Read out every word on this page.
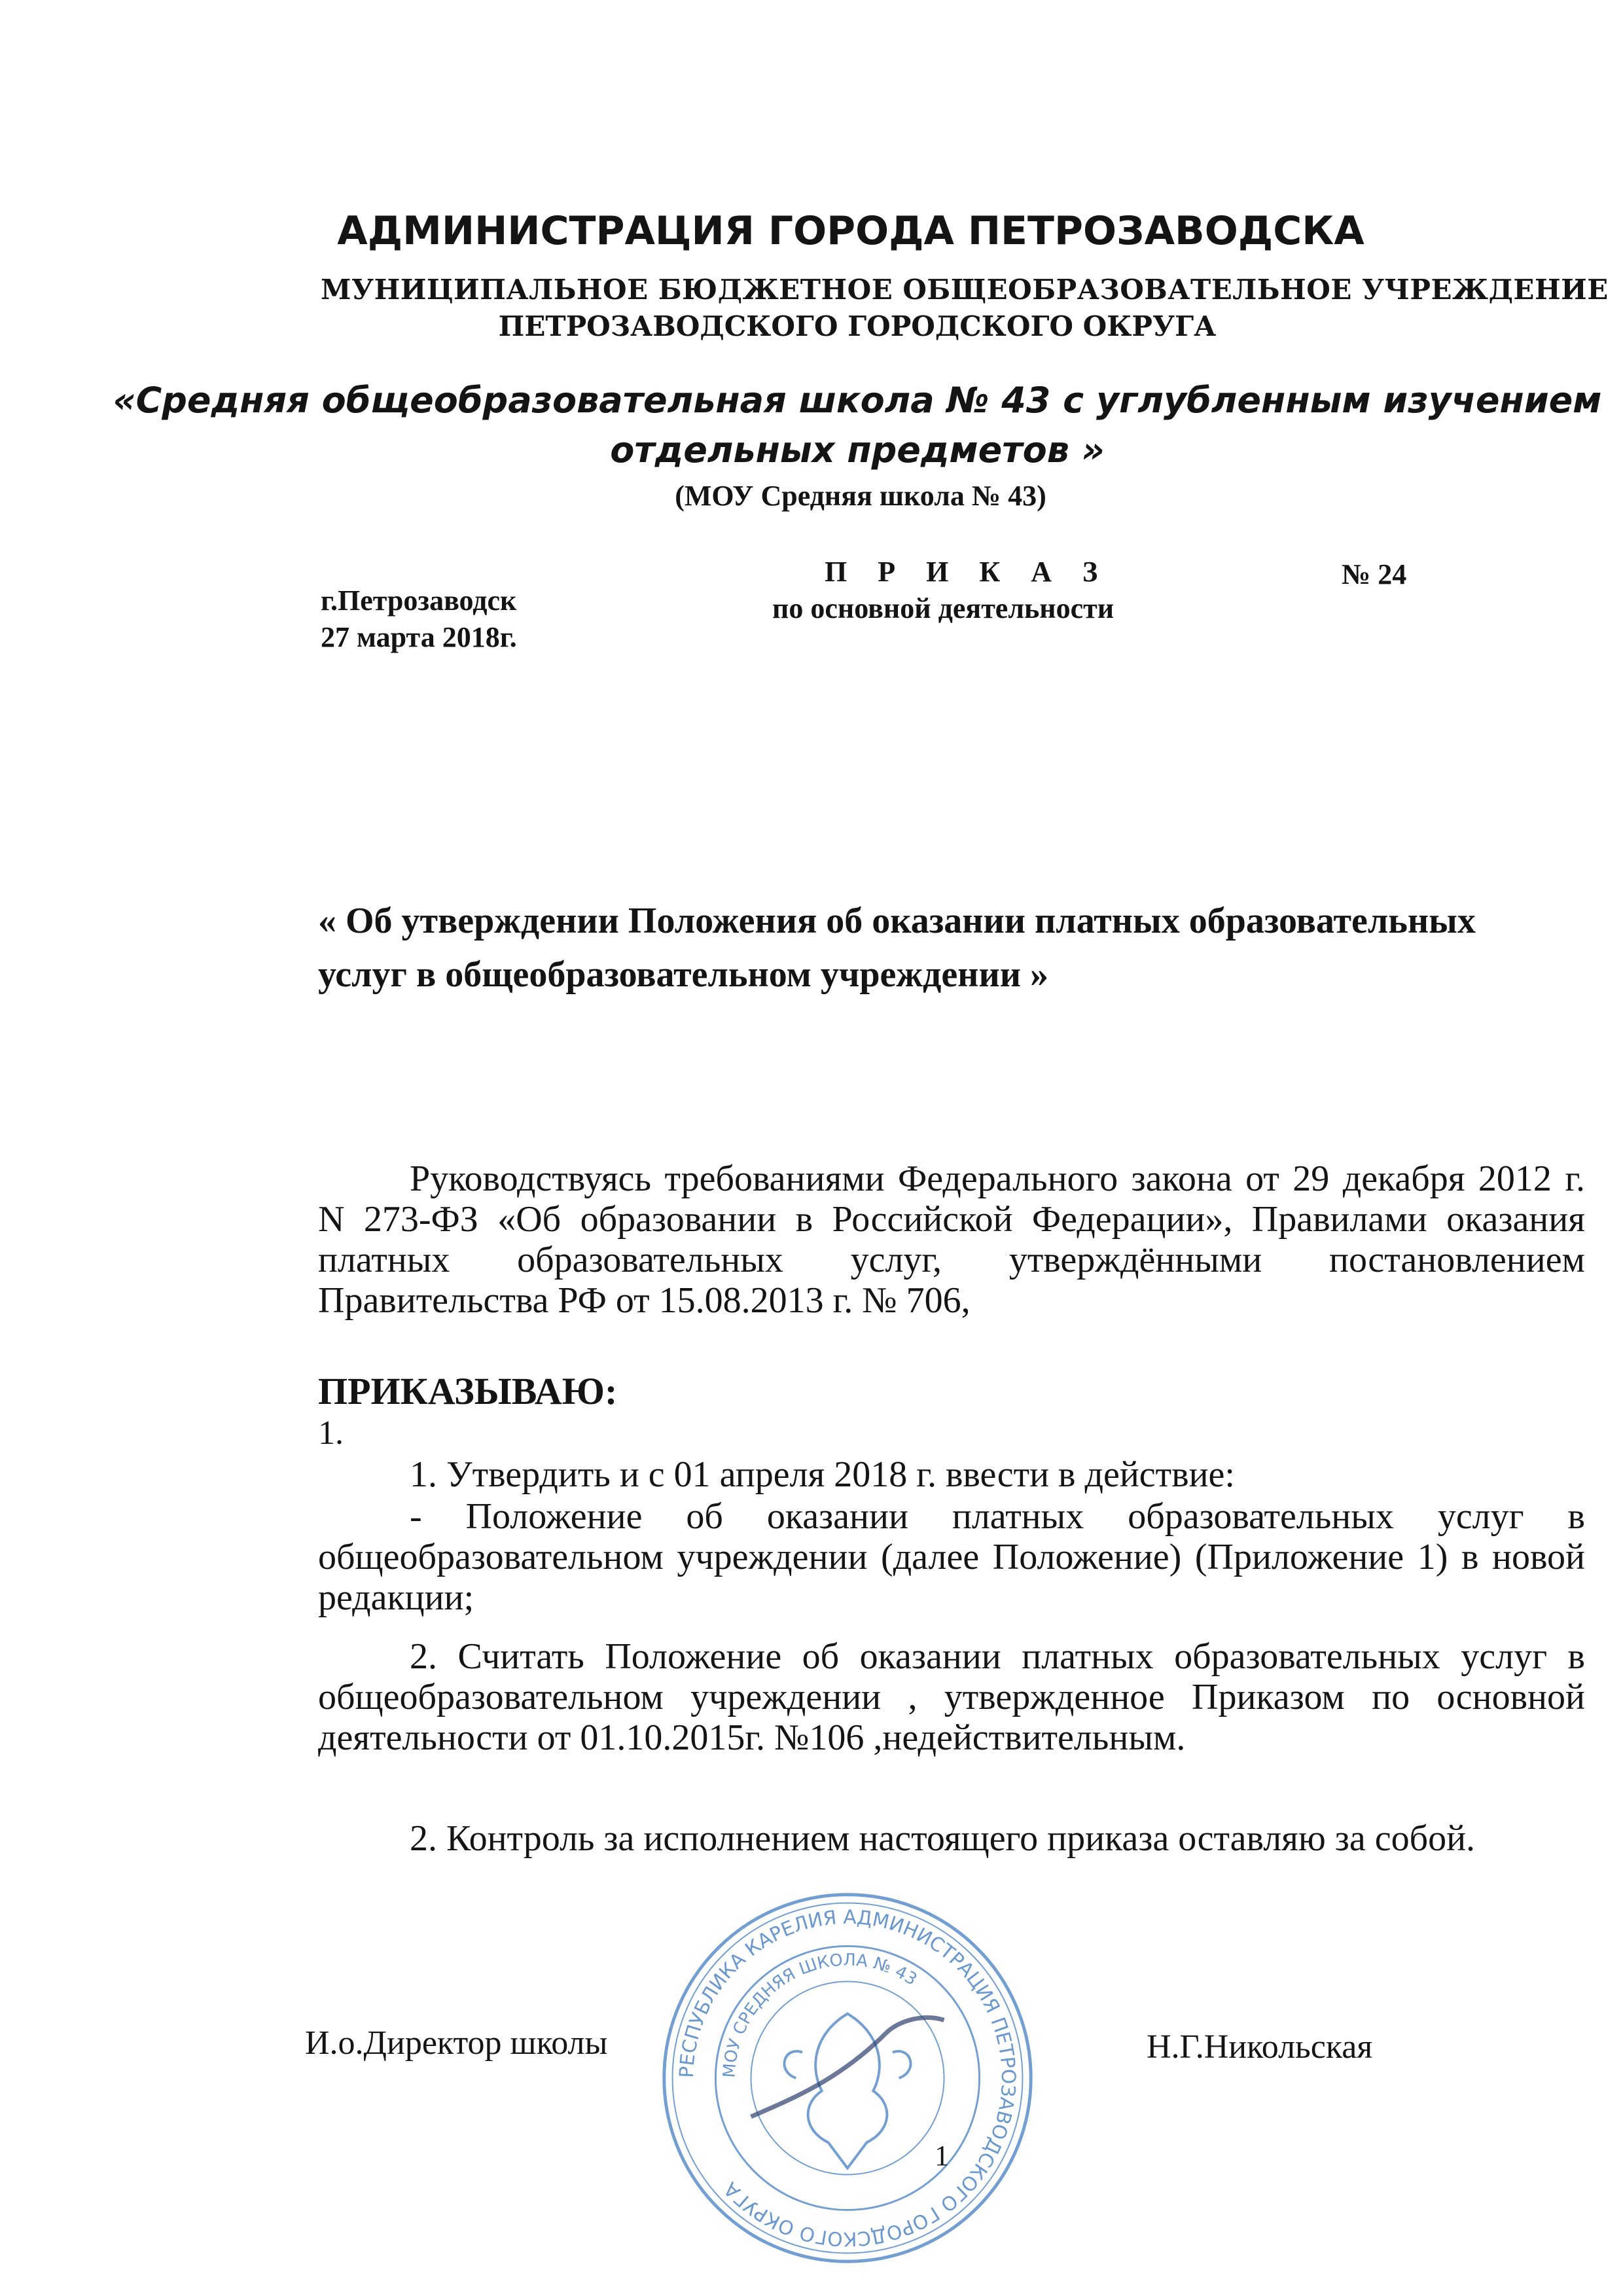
АДМИНИСТРАЦИЯ ГОРОДА ПЕТРОЗАВОДСКА
МУНИЦИПАЛЬНОЕ БЮДЖЕТНОЕ ОБЩЕОБРАЗОВАТЕЛЬНОЕ УЧРЕЖДЕНИЕ
ПЕТРОЗАВОДСКОГО ГОРОДСКОГО ОКРУГА
«Средняя общеобразовательная школа № 43 с углубленным изучением отдельных предметов »
(МОУ Средняя школа № 43)
П Р И К А З
по основной деятельности
№ 24
г.Петрозаводск
27 марта 2018г.
« Об утверждении Положения об оказании платных образовательных услуг в общеобразовательном учреждении »
Руководствуясь требованиями Федерального закона от 29 декабря 2012 г. N 273-ФЗ «Об образовании в Российской Федерации», Правилами оказания платных образовательных услуг, утверждёнными постановлением Правительства РФ от 15.08.2013 г. № 706,
ПРИКАЗЫВАЮ:
1.
1. Утвердить и с 01 апреля 2018 г. ввести в действие:
- Положение об оказании платных образовательных услуг в общеобразовательном учреждении (далее Положение) (Приложение 1) в новой редакции;
2. Считать Положение об оказании платных образовательных услуг в общеобразовательном учреждении , утвержденное Приказом по основной деятельности от 01.10.2015г. №106 ,недействительным.
2. Контроль за исполнением настоящего приказа оставляю за собой.
РЕСПУБЛИКА КАРЕЛИЯ АДМИНИСТРАЦИЯ ПЕТРОЗАВОДСКОГО ГОРОДСКОГО ОКРУГА
МОУ СРЕДНЯЯ ШКОЛА № 43
И.о.Директор школы	Н.Г.Никольская
1
